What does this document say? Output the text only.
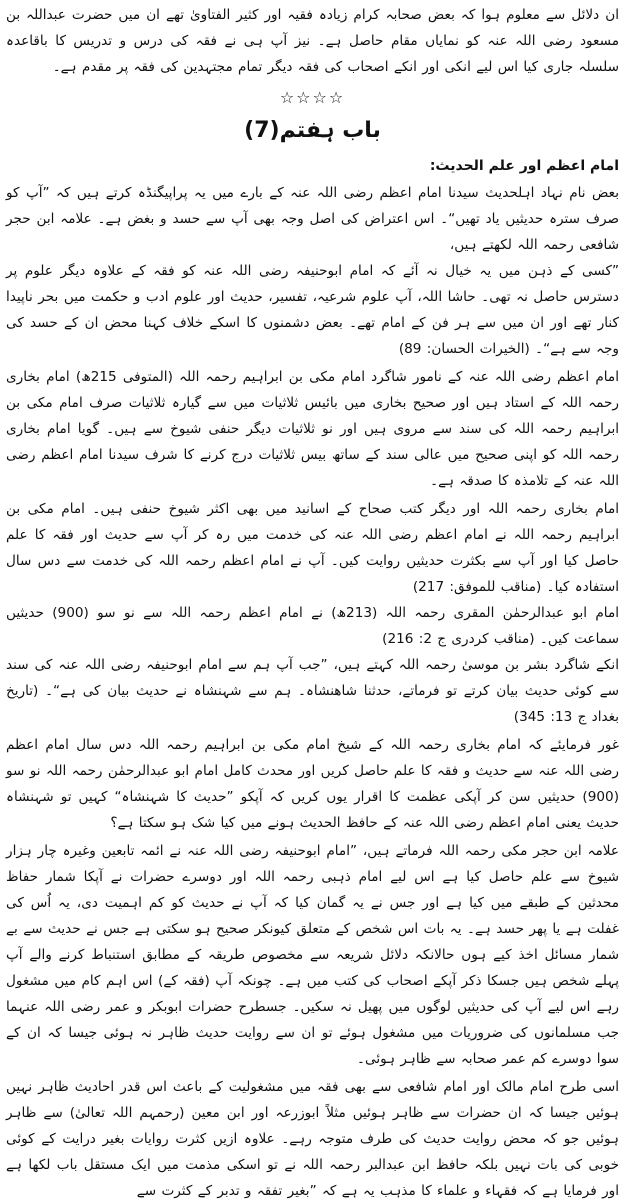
ان دلائل سے معلوم ہوا کہ بعض صحابہ کرام زیادہ فقیہ اور کثیر الفتاویٰ تھے ان میں حضرت عبداللہ بن مسعود رضی اللہ عنہ کو نمایاں مقام حاصل ہے۔ نیز آپ ہی نے فقہ کی درس و تدریس کا باقاعدہ سلسلہ جاری کیا اس لیے انکی اور انکے اصحاب کی فقہ دیگر تمام مجتہدین کی فقہ پر مقدم ہے۔

☆☆☆☆
باب ہفتم(7)
امام اعظم اور علم الحدیث:

بعض نام نہاد اہلحدیث سیدنا امام اعظم رضی اللہ عنہ کے بارے میں یہ پراپیگنڈہ کرتے ہیں کہ ”آپ کو صرف سترہ حدیثیں یاد تھیں“۔ اس اعتراض کی اصل وجہ بھی آپ سے حسد و بغض ہے۔ علامہ ابن حجر شافعی رحمہ اللہ لکھتے ہیں،

”کسی کے ذہن میں یہ خیال نہ آئے کہ امام ابوحنیفہ رضی اللہ عنہ کو فقہ کے علاوہ دیگر علوم پر دسترس حاصل نہ تھی۔ حاشا اللہ، آپ علوم شرعیہ، تفسیر، حدیث اور علوم ادب و حکمت میں بحر ناپیدا کنار تھے اور ان میں سے ہر فن کے امام تھے۔ بعض دشمنوں کا اسکے خلاف کہنا محض ان کے حسد کی وجہ سے ہے“۔ (الخیرات الحسان: 89)

امام اعظم رضی اللہ عنہ کے نامور شاگرد امام مکی بن ابراہیم رحمہ اللہ (المتوفی 215ھ) امام بخاری رحمہ اللہ کے استاد ہیں اور صحیح بخاری میں بائیس ثلاثیات میں سے گیارہ ثلاثیات صرف امام مکی بن ابراہیم رحمہ اللہ کی سند سے مروی ہیں اور نو ثلاثیات دیگر حنفی شیوخ سے ہیں۔ گویا امام بخاری رحمہ اللہ کو اپنی صحیح میں عالی سند کے ساتھ بیس ثلاثیات درج کرنے کا شرف سیدنا امام اعظم رضی اللہ عنہ کے تلامذہ کا صدقہ ہے۔

امام بخاری رحمہ اللہ اور دیگر کتب صحاح کے اسانید میں بھی اکثر شیوخ حنفی ہیں۔ امام مکی بن ابراہیم رحمہ اللہ نے امام اعظم رضی اللہ عنہ کی خدمت میں رہ کر آپ سے حدیث اور فقہ کا علم حاصل کیا اور آپ سے بکثرت حدیثیں روایت کیں۔ آپ نے امام اعظم رحمہ اللہ کی خدمت سے دس سال استفادہ کیا۔ (مناقب للموفق: 217)

امام ابو عبدالرحمٰن المقری رحمہ اللہ (213ھ) نے امام اعظم رحمہ اللہ سے نو سو (900) حدیثیں سماعت کیں۔ (مناقب کردری ج 2: 216)

انکے شاگرد بشر بن موسیٰ رحمہ اللہ کہتے ہیں، ”جب آپ ہم سے امام ابوحنیفہ رضی اللہ عنہ کی سند سے کوئی حدیث بیان کرتے تو فرماتے، حدثنا شاھنشاہ۔ ہم سے شہنشاہ نے حدیث بیان کی ہے“۔ (تاریخ بغداد ج 13: 345)

غور فرمایئے کہ امام بخاری رحمہ اللہ کے شیخ امام مکی بن ابراہیم رحمہ اللہ دس سال امام اعظم رضی اللہ عنہ سے حدیث و فقہ کا علم حاصل کریں اور محدث کامل امام ابو عبدالرحمٰن رحمہ اللہ نو سو (900) حدیثیں سن کر آپکی عظمت کا اقرار یوں کریں کہ آپکو ”حدیث کا شہنشاہ“ کہیں تو شہنشاہ حدیث یعنی امام اعظم رضی اللہ عنہ کے حافظ الحدیث ہونے میں کیا شک ہو سکتا ہے؟

علامہ ابن حجر مکی رحمہ اللہ فرماتے ہیں، ”امام ابوحنیفہ رضی اللہ عنہ نے ائمہ تابعین وغیرہ چار ہزار شیوخ سے علم حاصل کیا ہے اس لیے امام ذہبی رحمہ اللہ اور دوسرے حضرات نے آپکا شمار حفاظ محدثین کے طبقے میں کیا ہے اور جس نے یہ گمان کیا کہ آپ نے حدیث کو کم اہمیت دی، یہ اُس کی غفلت ہے یا پھر حسد ہے۔ یہ بات اس شخص کے متعلق کیونکر صحیح ہو سکتی ہے جس نے حدیث سے بے شمار مسائل اخذ کیے ہوں حالانکہ دلائل شریعہ سے مخصوص طریقہ کے مطابق استنباط کرنے والے آپ پہلے شخص ہیں جسکا ذکر آپکے اصحاب کی کتب میں ہے۔ چونکہ آپ (فقہ کے) اس اہم کام میں مشغول رہے اس لیے آپ کی حدیثیں لوگوں میں پھیل نہ سکیں۔ جسطرح حضرات ابوبکر و عمر رضی اللہ عنہما جب مسلمانوں کی ضروریات میں مشغول ہوئے تو ان سے روایت حدیث ظاہر نہ ہوئی جیسا کہ ان کے سوا دوسرے کم عمر صحابہ سے ظاہر ہوئی۔

اسی طرح امام مالک اور امام شافعی سے بھی فقہ میں مشغولیت کے باعث اس قدر احادیث ظاہر نہیں ہوئیں جیسا کہ ان حضرات سے ظاہر ہوئیں مثلاً ابوزرعہ اور ابن معین (رحمہم اللہ تعالیٰ) سے ظاہر ہوئیں جو کہ محض روایت حدیث کی طرف متوجہ رہے۔ علاوہ ازیں کثرت روایات بغیر درایت کے کوئی خوبی کی بات نہیں بلکہ حافظ ابن عبدالبر رحمہ اللہ نے تو اسکی مذمت میں ایک مستقل باب لکھا ہے اور فرمایا ہے کہ فقہاء و علماء کا مذہب یہ ہے کہ ”بغیر تفقہ و تدبر کے کثرت سے
